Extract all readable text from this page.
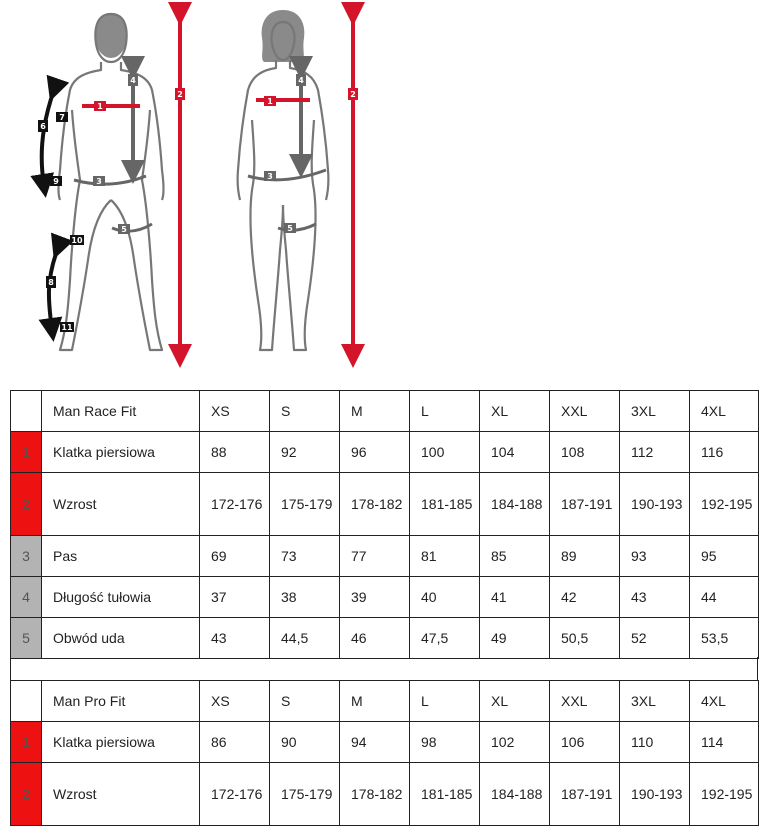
1
2
3
4
5
6
7
8
9
10
11
1
2
3
4
5
	Man Race Fit	XS	S	M	L	XL	XXL	3XL	4XL
1	Klatka piersiowa	88	92	96	100	104	108	112	116
2	Wzrost	172-176	175-179	178-182	181-185	184-188	187-191	190-193	192-195
3	Pas	69	73	77	81	85	89	93	95
4	Długość tułowia	37	38	39	40	41	42	43	44
5	Obwód uda	43	44,5	46	47,5	49	50,5	52	53,5
	Man Pro Fit	XS	S	M	L	XL	XXL	3XL	4XL
1	Klatka piersiowa	86	90	94	98	102	106	110	114
2	Wzrost	172-176	175-179	178-182	181-185	184-188	187-191	190-193	192-195
